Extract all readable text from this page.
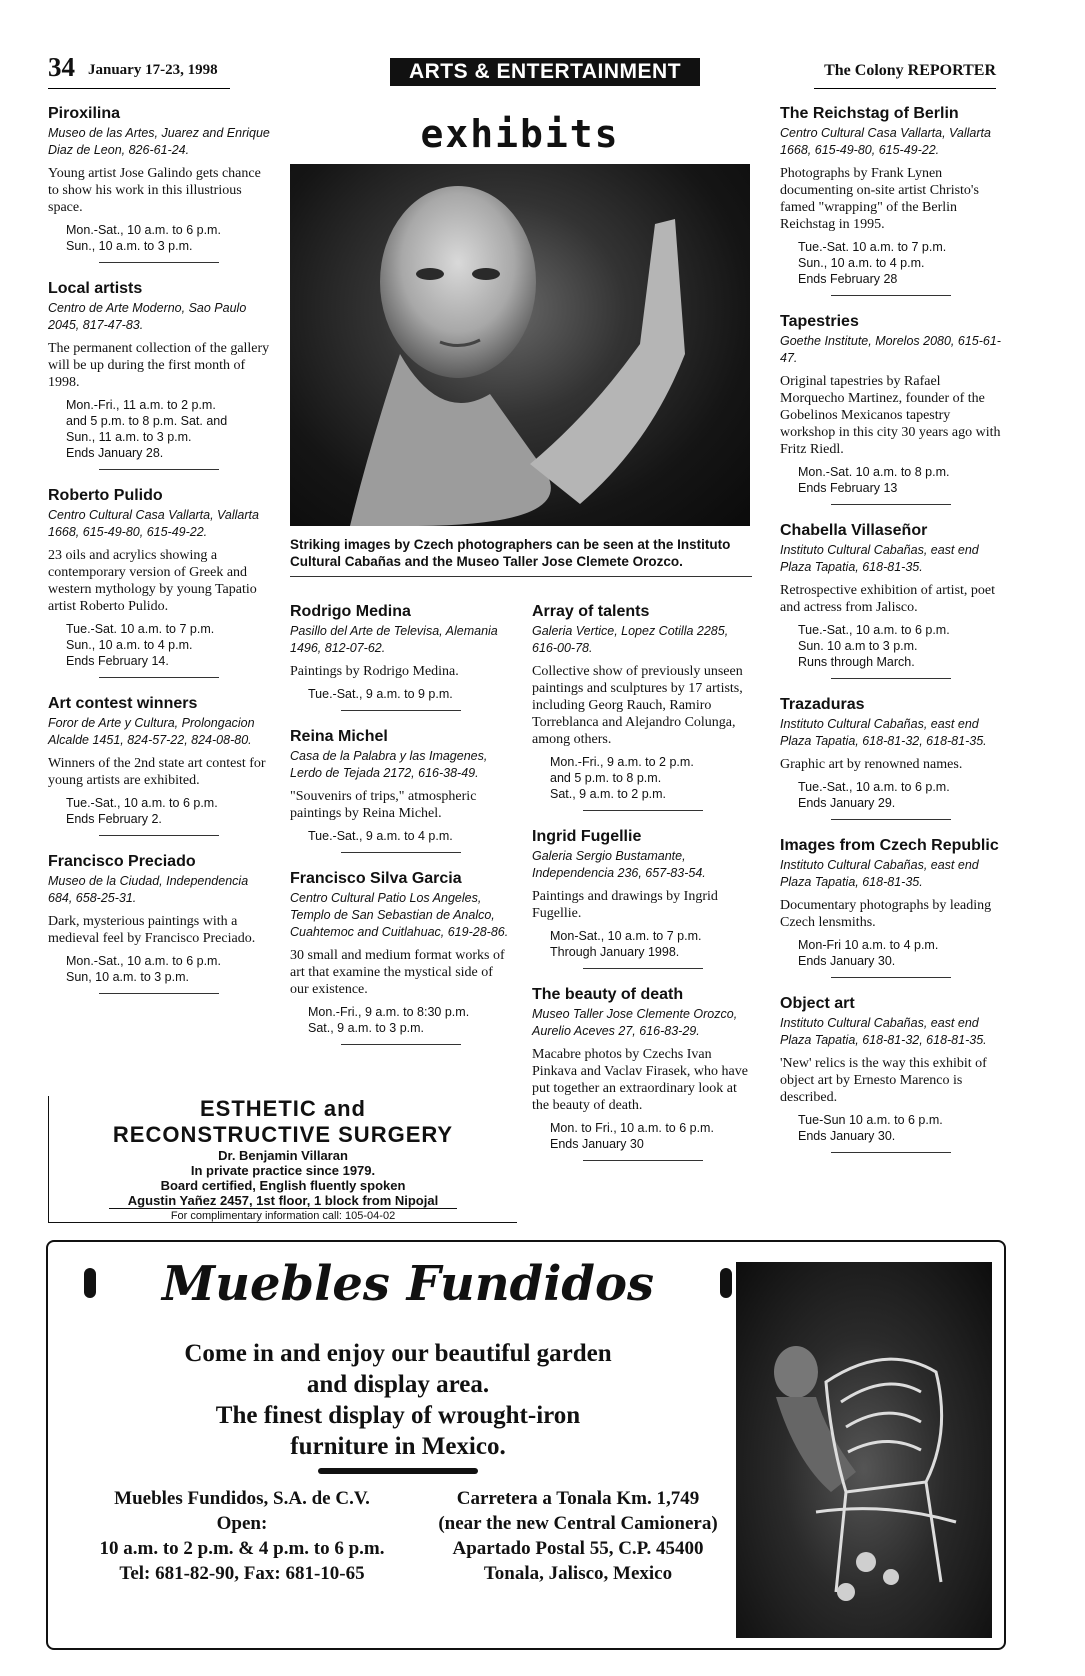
34 January 17-23, 1998	ARTS & ENTERTAINMENT	The Colony REPORTER
exhibits
Striking images by Czech photographers can be seen at the Instituto Cultural Cabañas and the Museo Taller Jose Clemete Orozco.
Piroxilina
Museo de las Artes, Juarez and Enrique Diaz de Leon, 826-61-24.
Young artist Jose Galindo gets chance to show his work in this illustrious space.
Mon.-Sat., 10 a.m. to 6 p.m.
Sun., 10 a.m. to 3 p.m.
Local artists
Centro de Arte Moderno, Sao Paulo 2045, 817-47-83.
The permanent collection of the gallery will be up during the first month of 1998.
Mon.-Fri., 11 a.m. to 2 p.m.
and 5 p.m. to 8 p.m. Sat. and
Sun., 11 a.m. to 3 p.m.
Ends January 28.
Roberto Pulido
Centro Cultural Casa Vallarta, Vallarta 1668, 615-49-80, 615-49-22.
23 oils and acrylics showing a contemporary version of Greek and western mythology by young Tapatio artist Roberto Pulido.
Tue.-Sat. 10 a.m. to 7 p.m.
Sun., 10 a.m. to 4 p.m.
Ends February 14.
Art contest winners
Foror de Arte y Cultura, Prolongacion Alcalde 1451, 824-57-22, 824-08-80.
Winners of the 2nd state art contest for young artists are exhibited.
Tue.-Sat., 10 a.m. to 6 p.m.
Ends February 2.
Francisco Preciado
Museo de la Ciudad, Independencia 684, 658-25-31.
Dark, mysterious paintings with a medieval feel by Francisco Preciado.
Mon.-Sat., 10 a.m. to 6 p.m.
Sun, 10 a.m. to 3 p.m.
Rodrigo Medina
Pasillo del Arte de Televisa, Alemania 1496, 812-07-62.
Paintings by Rodrigo Medina.
Tue.-Sat., 9 a.m. to 9 p.m.
Reina Michel
Casa de la Palabra y las Imagenes, Lerdo de Tejada 2172, 616-38-49.
"Souvenirs of trips," atmospheric paintings by Reina Michel.
Tue.-Sat., 9 a.m. to 4 p.m.
Francisco Silva Garcia
Centro Cultural Patio Los Angeles, Templo de San Sebastian de Analco, Cuahtemoc and Cuitlahuac, 619-28-86.
30 small and medium format works of art that examine the mystical side of our existence.
Mon.-Fri., 9 a.m. to 8:30 p.m.
Sat., 9 a.m. to 3 p.m.
Array of talents
Galeria Vertice, Lopez Cotilla 2285, 616-00-78.
Collective show of previously unseen paintings and sculptures by 17 artists, including Georg Rauch, Ramiro Torreblanca and Alejandro Colunga, among others.
Mon.-Fri., 9 a.m. to 2 p.m.
and 5 p.m. to 8 p.m.
Sat., 9 a.m. to 2 p.m.
Ingrid Fugellie
Galeria Sergio Bustamante, Independencia 236, 657-83-54.
Paintings and drawings by Ingrid Fugellie.
Mon-Sat., 10 a.m. to 7 p.m.
Through January 1998.
The beauty of death
Museo Taller Jose Clemente Orozco, Aurelio Aceves 27, 616-83-29.
Macabre photos by Czechs Ivan Pinkava and Vaclav Firasek, who have put together an extraordinary look at the beauty of death.
Mon. to Fri., 10 a.m. to 6 p.m.
Ends January 30
The Reichstag of Berlin
Centro Cultural Casa Vallarta, Vallarta 1668, 615-49-80, 615-49-22.
Photographs by Frank Lynen documenting on-site artist Christo's famed "wrapping" of the Berlin Reichstag in 1995.
Tue.-Sat. 10 a.m. to 7 p.m.
Sun., 10 a.m. to 4 p.m.
Ends February 28
Tapestries
Goethe Institute, Morelos 2080, 615-61-47.
Original tapestries by Rafael Morquecho Martinez, founder of the Gobelinos Mexicanos tapestry workshop in this city 30 years ago with Fritz Riedl.
Mon.-Sat. 10 a.m. to 8 p.m.
Ends February 13
Chabella Villaseñor
Instituto Cultural Cabañas, east end Plaza Tapatia, 618-81-35.
Retrospective exhibition of artist, poet and actress from Jalisco.
Tue.-Sat., 10 a.m. to 6 p.m.
Sun. 10 a.m to 3 p.m.
Runs through March.
Trazaduras
Instituto Cultural Cabañas, east end Plaza Tapatia, 618-81-32, 618-81-35.
Graphic art by renowned names.
Tue.-Sat., 10 a.m. to 6 p.m.
Ends January 29.
Images from Czech Republic
Instituto Cultural Cabañas, east end Plaza Tapatia, 618-81-35.
Documentary photographs by leading Czech lensmiths.
Mon-Fri 10 a.m. to 4 p.m.
Ends January 30.
Object art
Instituto Cultural Cabañas, east end Plaza Tapatia, 618-81-32, 618-81-35.
'New' relics is the way this exhibit of object art by Ernesto Marenco is described.
Tue-Sun 10 a.m. to 6 p.m.
Ends January 30.
ESTHETIC and
RECONSTRUCTIVE SURGERY
Dr. Benjamin Villaran
In private practice since 1979.
Board certified, English fluently spoken
Agustin Yañez 2457, 1st floor, 1 block from Nipojal
For complimentary information call: 105-04-02
Muebles Fundidos
Come in and enjoy our beautiful garden
and display area.
The finest display of wrought-iron
furniture in Mexico.
Muebles Fundidos, S.A. de C.V.
Open:
10 a.m. to 2 p.m. & 4 p.m. to 6 p.m.
Tel: 681-82-90, Fax: 681-10-65
Carretera a Tonala Km. 1,749
(near the new Central Camionera)
Apartado Postal 55, C.P. 45400
Tonala, Jalisco, Mexico
